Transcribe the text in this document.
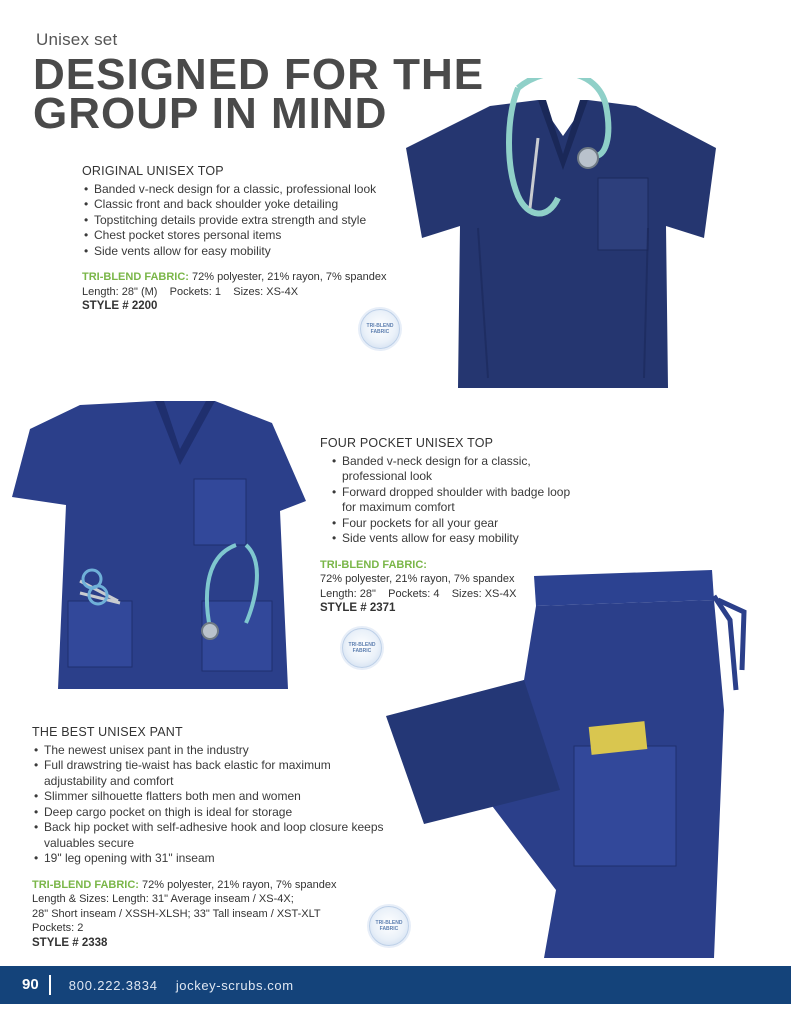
Unisex set
DESIGNED FOR THE
GROUP IN MIND
ORIGINAL UNISEX TOP
• Banded v-neck design for a classic, professional look
• Classic front and back shoulder yoke detailing
• Topstitching details provide extra strength and style
• Chest pocket stores personal items
• Side vents allow for easy mobility
TRI-BLEND FABRIC: 72% polyester, 21% rayon, 7% spandex
Length: 28" (M)    Pockets: 1    Sizes: XS-4X
STYLE # 2200
TRI-BLEND
FABRIC
FOUR POCKET UNISEX TOP
• Banded v-neck design for a classic, professional look
• Forward dropped shoulder with badge loop for maximum comfort
• Four pockets for all your gear
• Side vents allow for easy mobility
TRI-BLEND FABRIC:
72% polyester, 21% rayon, 7% spandex
Length: 28"    Pockets: 4    Sizes: XS-4X
STYLE # 2371
TRI-BLEND
FABRIC
THE BEST UNISEX PANT
• The newest unisex pant in the industry
• Full drawstring tie-waist has back elastic for maximum adjustability and comfort
• Slimmer silhouette flatters both men and women
• Deep cargo pocket on thigh is ideal for storage
• Back hip pocket with self-adhesive hook and loop closure keeps valuables secure
• 19" leg opening with 31" inseam
TRI-BLEND FABRIC: 72% polyester, 21% rayon, 7% spandex
Length & Sizes: Length: 31" Average inseam / XS-4X;
28" Short inseam / XSSH-XLSH; 33" Tall inseam / XST-XLT
Pockets: 2
STYLE # 2338
TRI-BLEND
FABRIC
90	800.222.3834 jockey-scrubs.com
